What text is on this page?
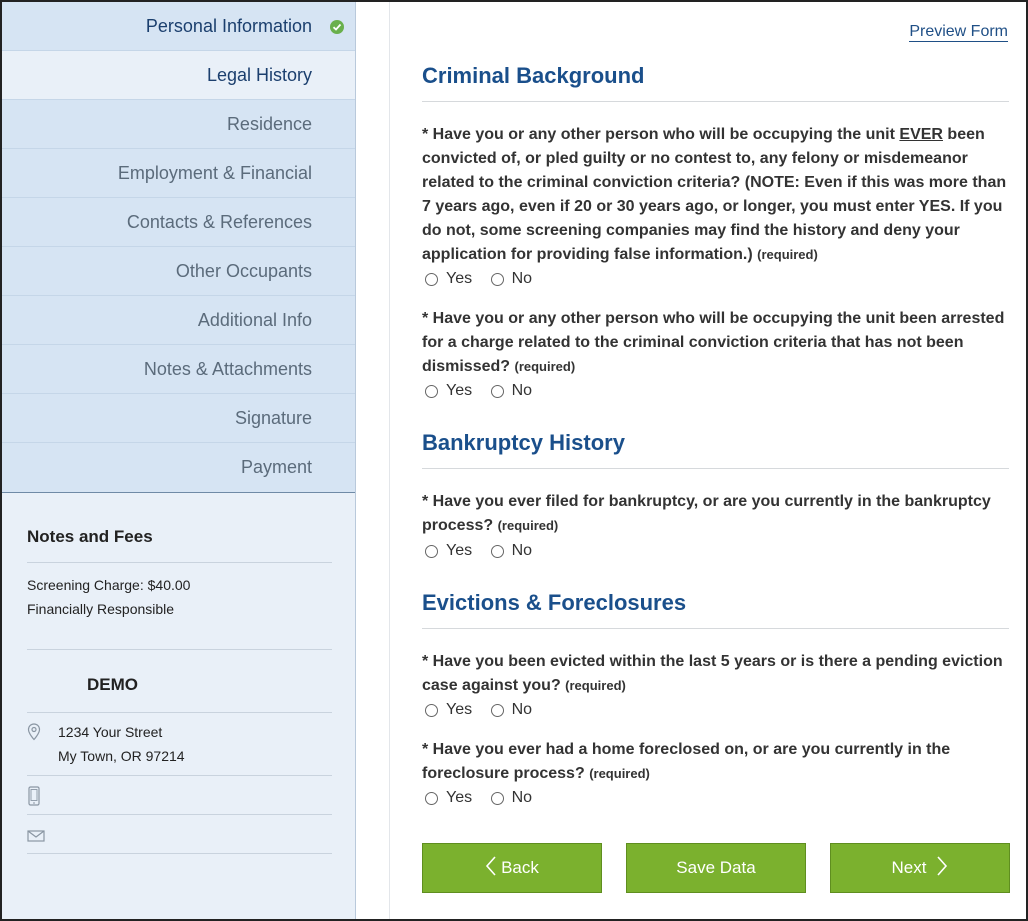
Personal Information
Legal History
Residence
Employment & Financial
Contacts & References
Other Occupants
Additional Info
Notes & Attachments
Signature
Payment
Notes and Fees
Screening Charge: $40.00
Financially Responsible
DEMO
1234 Your Street
My Town, OR 97214
Preview Form
Criminal Background
* Have you or any other person who will be occupying the unit EVER been convicted of, or pled guilty or no contest to, any felony or misdemeanor related to the criminal conviction criteria? (NOTE: Even if this was more than 7 years ago, even if 20 or 30 years ago, or longer, you must enter YES. If you do not, some screening companies may find the history and deny your application for providing false information.) (required)
Yes
No
* Have you or any other person who will be occupying the unit been arrested for a charge related to the criminal conviction criteria that has not been dismissed? (required)
Yes
No
Bankruptcy History
* Have you ever filed for bankruptcy, or are you currently in the bankruptcy process? (required)
Yes
No
Evictions & Foreclosures
* Have you been evicted within the last 5 years or is there a pending eviction case against you? (required)
Yes
No
* Have you ever had a home foreclosed on, or are you currently in the foreclosure process? (required)
Yes
No
Back	Save Data	Next
